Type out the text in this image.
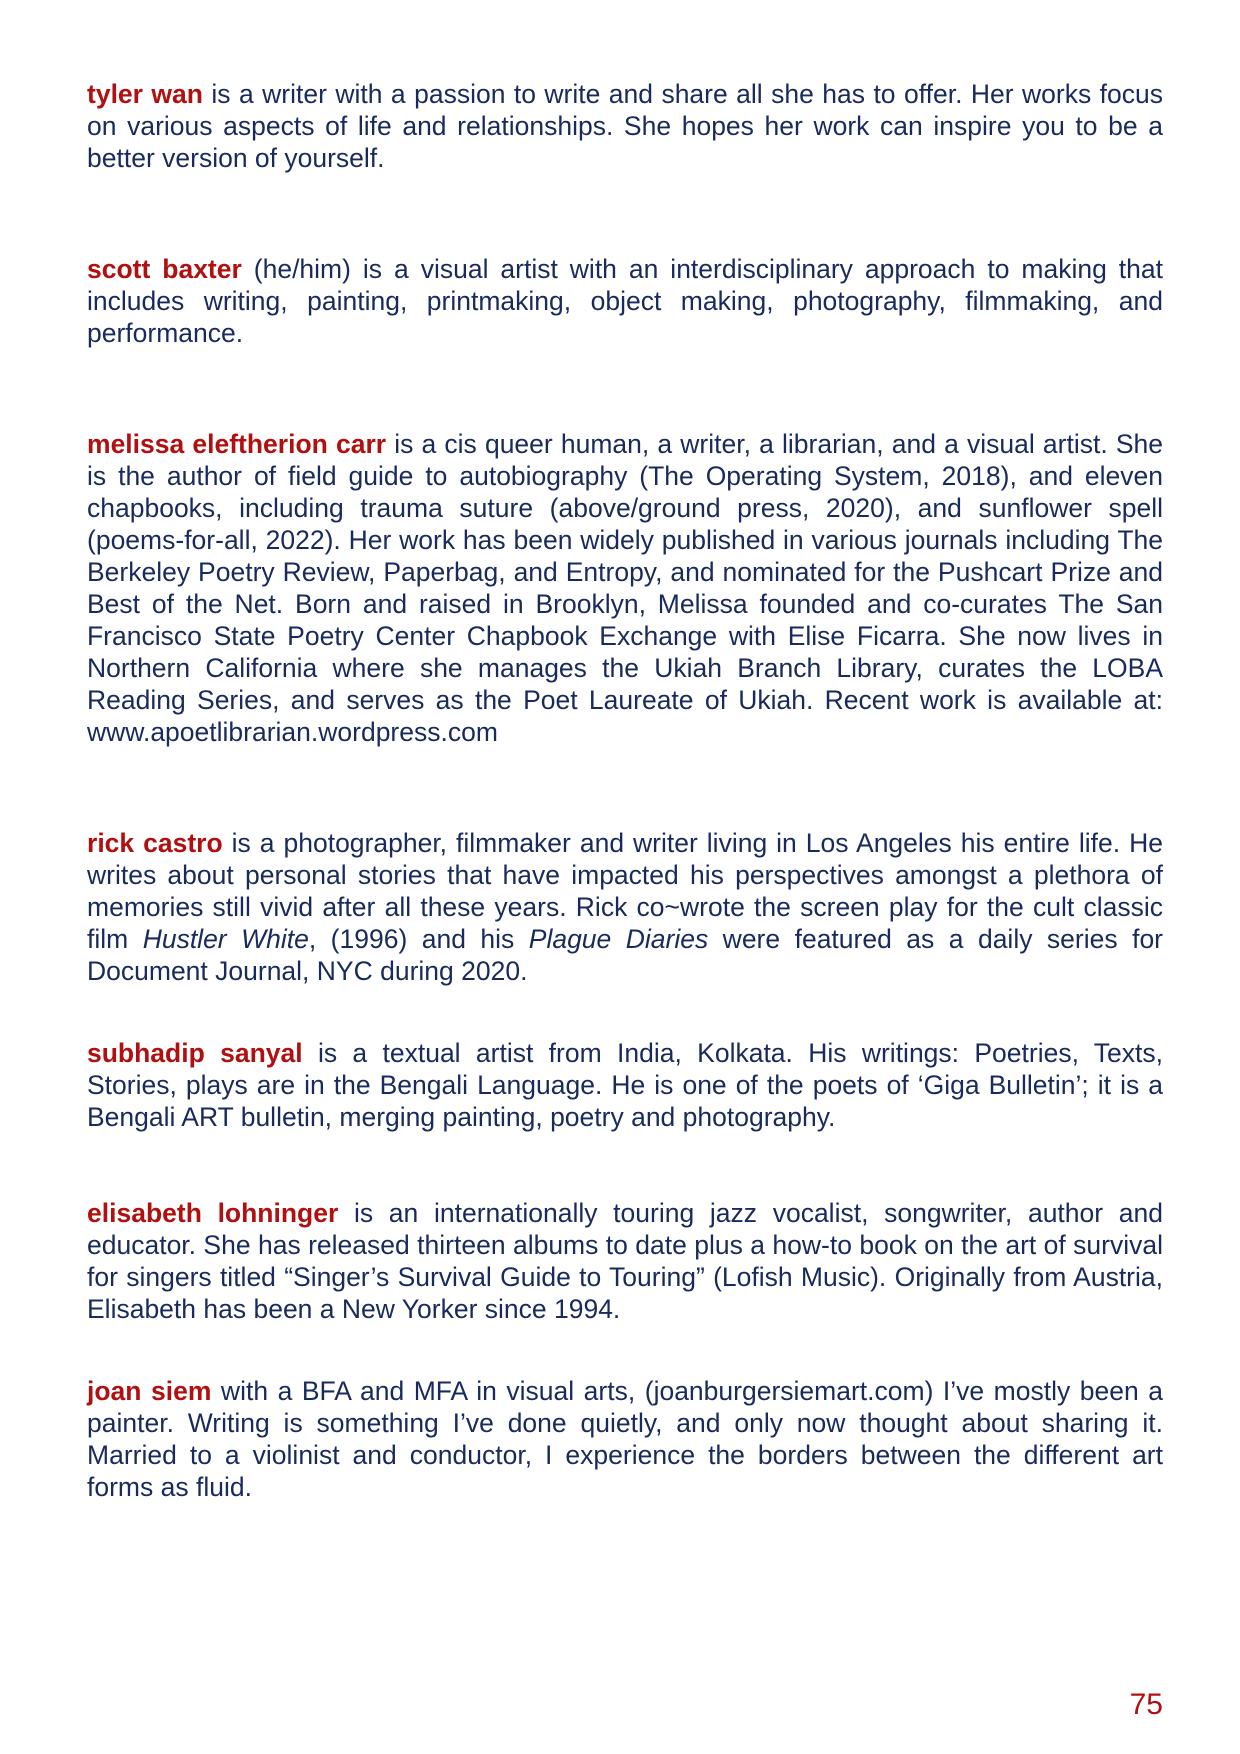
tyler wan is a writer with a passion to write and share all she has to offer. Her works focus on various aspects of life and relationships. She hopes her work can inspire you to be a better version of yourself.

scott baxter (he/him) is a visual artist with an interdisciplinary approach to making that includes writing, painting, printmaking, object making, photography, filmmaking, and performance.

melissa eleftherion carr is a cis queer human, a writer, a librarian, and a visual artist. She is the author of field guide to autobiography (The Operating System, 2018), and eleven chapbooks, including trauma suture (above/ground press, 2020), and sunflower spell (poems-for-all, 2022). Her work has been widely published in various journals including The Berkeley Poetry Review, Paperbag, and Entropy, and nominated for the Pushcart Prize and Best of the Net. Born and raised in Brooklyn, Melissa founded and co-curates The San Francisco State Poetry Center Chapbook Exchange with Elise Ficarra. She now lives in Northern California where she manages the Ukiah Branch Library, curates the LOBA Reading Series, and serves as the Poet Laureate of Ukiah. Recent work is available at: www.apoetlibrarian.wordpress.com

rick castro is a photographer, filmmaker and writer living in Los Angeles his entire life. He writes about personal stories that have impacted his perspectives amongst a plethora of memories still vivid after all these years. Rick co~wrote the screen play for the cult classic film Hustler White, (1996) and his Plague Diaries were featured as a daily series for Document Journal, NYC during 2020.

subhadip sanyal is a textual artist from India, Kolkata. His writings: Poetries, Texts, Stories, plays are in the Bengali Language. He is one of the poets of ‘Giga Bulletin’; it is a Bengali ART bulletin, merging painting, poetry and photography.

elisabeth lohninger is an internationally touring jazz vocalist, songwriter, author and educator. She has released thirteen albums to date plus a how-to book on the art of survival for singers titled “Singer’s Survival Guide to Touring” (Lofish Music). Originally from Austria, Elisabeth has been a New Yorker since 1994.

joan siem with a BFA and MFA in visual arts, (joanburgersiemart.com) I’ve mostly been a painter. Writing is something I’ve done quietly, and only now thought about sharing it. Married to a violinist and conductor, I experience the borders between the different art forms as fluid.

75
